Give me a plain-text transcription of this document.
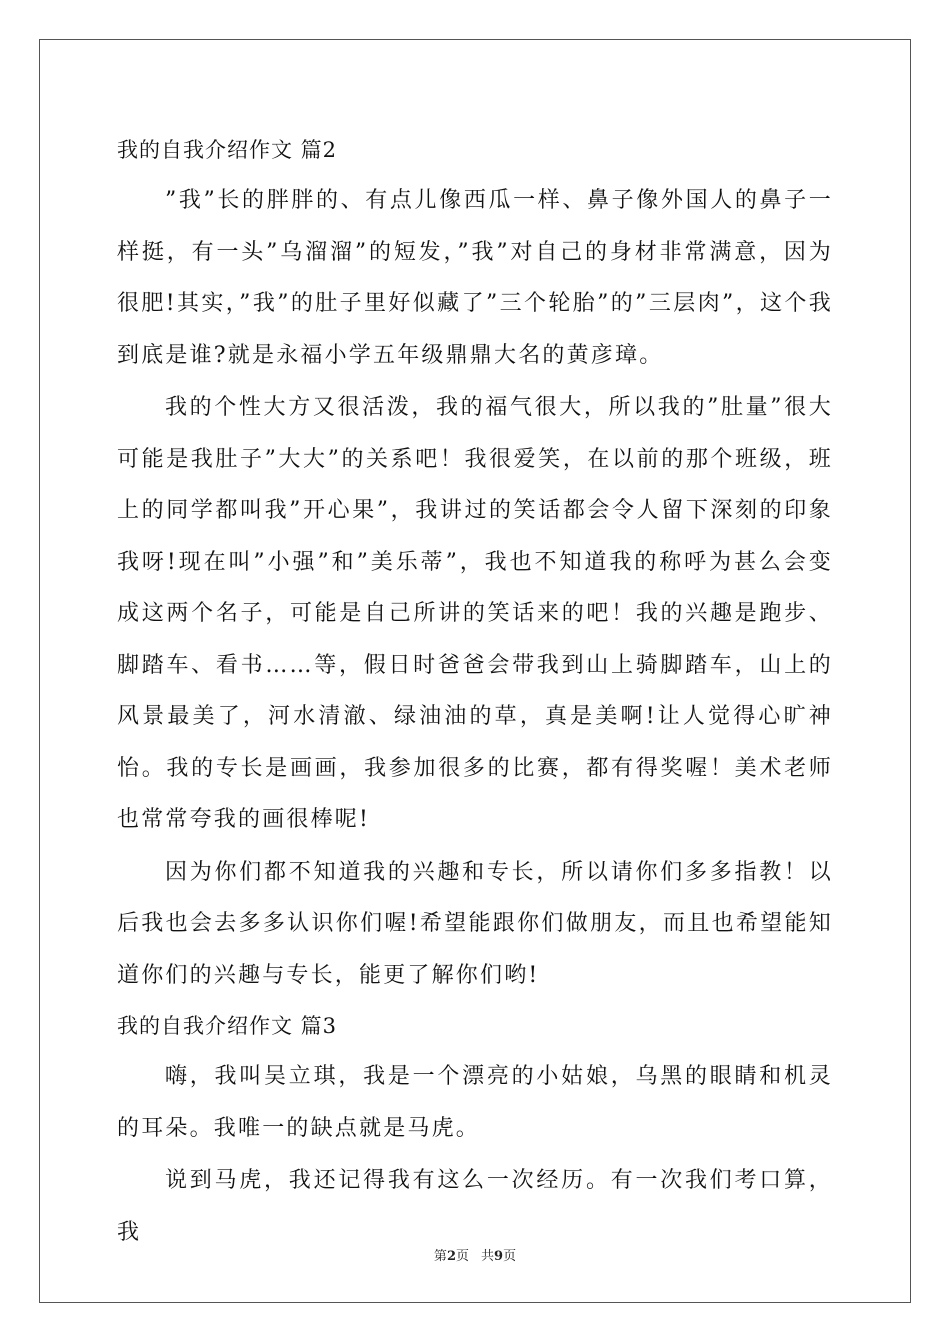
我的自我介绍作文 篇2

”我”长的胖胖的、有点儿像西瓜一样、鼻子像外国人的鼻子一样挺，有一头”乌溜溜”的短发，”我”对自己的身材非常满意，因为很肥!其实，”我”的肚子里好似藏了”三个轮胎”的”三层肉”，这个我到底是谁?就是永福小学五年级鼎鼎大名的黄彦璋。

我的个性大方又很活泼，我的福气很大，所以我的”肚量”很大可能是我肚子”大大”的关系吧！我很爱笑，在以前的那个班级，班上的同学都叫我”开心果”，我讲过的笑话都会令人留下深刻的印象我呀!现在叫”小强”和”美乐蒂”，我也不知道我的称呼为甚么会变成这两个名子，可能是自己所讲的笑话来的吧！我的兴趣是跑步、脚踏车、看书……等，假日时爸爸会带我到山上骑脚踏车，山上的风景最美了，河水清澈、绿油油的草，真是美啊!让人觉得心旷神怡。我的专长是画画，我参加很多的比赛，都有得奖喔！美术老师也常常夸我的画很棒呢!

因为你们都不知道我的兴趣和专长，所以请你们多多指教！以后我也会去多多认识你们喔!希望能跟你们做朋友，而且也希望能知道你们的兴趣与专长，能更了解你们哟!

我的自我介绍作文 篇3

嗨，我叫吴立琪，我是一个漂亮的小姑娘，乌黑的眼睛和机灵的耳朵。我唯一的缺点就是马虎。

说到马虎，我还记得我有这么一次经历。有一次我们考口算，我

第2页 共9页
